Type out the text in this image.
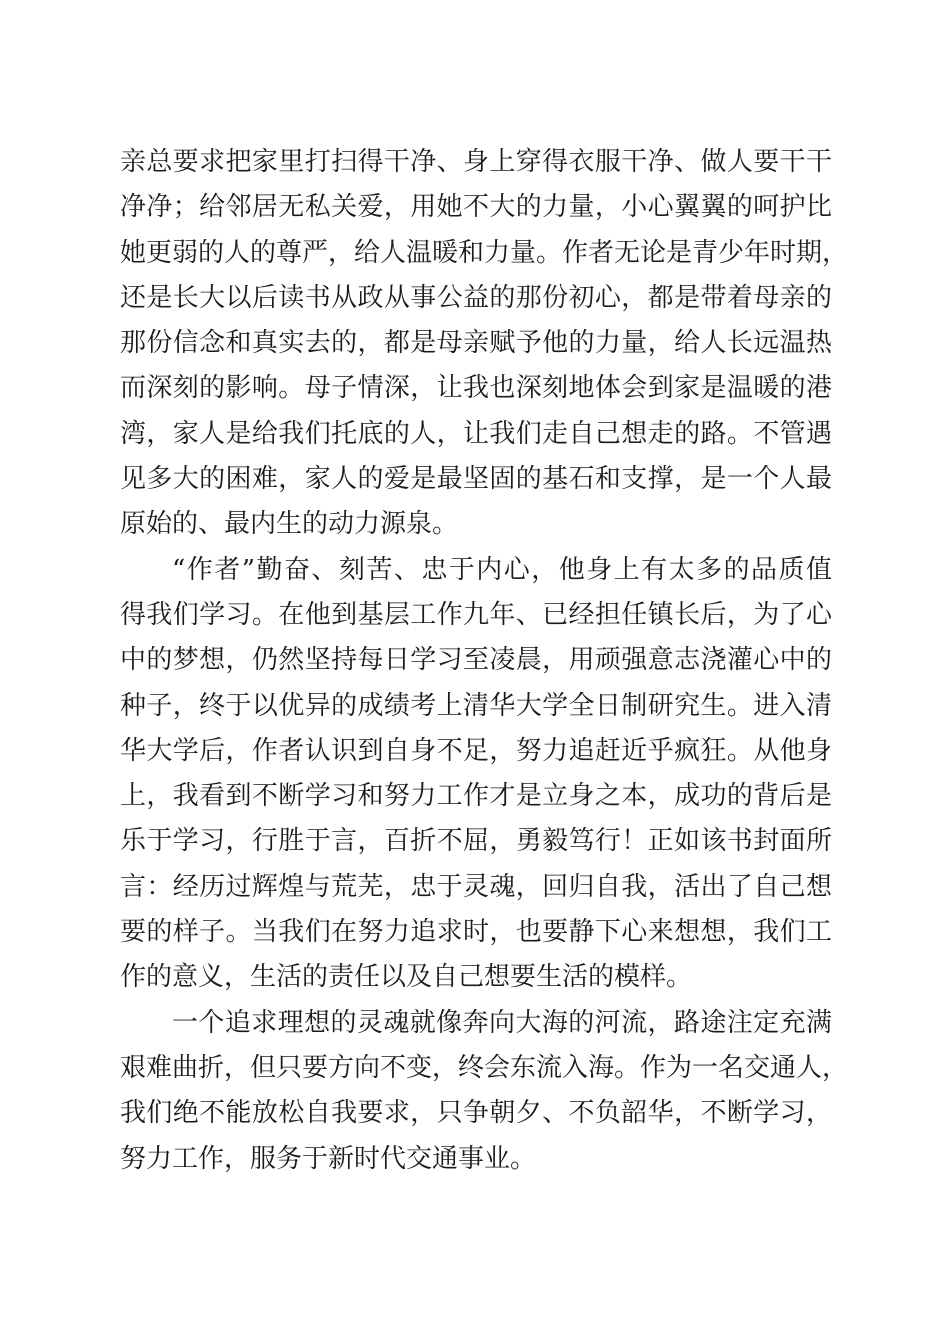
亲总要求把家里打扫得干净、身上穿得衣服干净、做人要干干
净净；给邻居无私关爱，用她不大的力量，小心翼翼的呵护比
她更弱的人的尊严，给人温暖和力量。作者无论是青少年时期，
还是长大以后读书从政从事公益的那份初心，都是带着母亲的
那份信念和真实去的，都是母亲赋予他的力量，给人长远温热
而深刻的影响。母子情深，让我也深刻地体会到家是温暖的港
湾，家人是给我们托底的人，让我们走自己想走的路。不管遇
见多大的困难，家人的爱是最坚固的基石和支撑，是一个人最
原始的、最内生的动力源泉。
“作者”勤奋、刻苦、忠于内心，他身上有太多的品质值
得我们学习。在他到基层工作九年、已经担任镇长后，为了心
中的梦想，仍然坚持每日学习至凌晨，用顽强意志浇灌心中的
种子，终于以优异的成绩考上清华大学全日制研究生。进入清
华大学后，作者认识到自身不足，努力追赶近乎疯狂。从他身
上，我看到不断学习和努力工作才是立身之本，成功的背后是
乐于学习，行胜于言，百折不屈，勇毅笃行！正如该书封面所
言：经历过辉煌与荒芜，忠于灵魂，回归自我，活出了自己想
要的样子。当我们在努力追求时，也要静下心来想想，我们工
作的意义，生活的责任以及自己想要生活的模样。
一个追求理想的灵魂就像奔向大海的河流，路途注定充满
艰难曲折，但只要方向不变，终会东流入海。作为一名交通人，
我们绝不能放松自我要求，只争朝夕、不负韶华，不断学习，
努力工作，服务于新时代交通事业。
